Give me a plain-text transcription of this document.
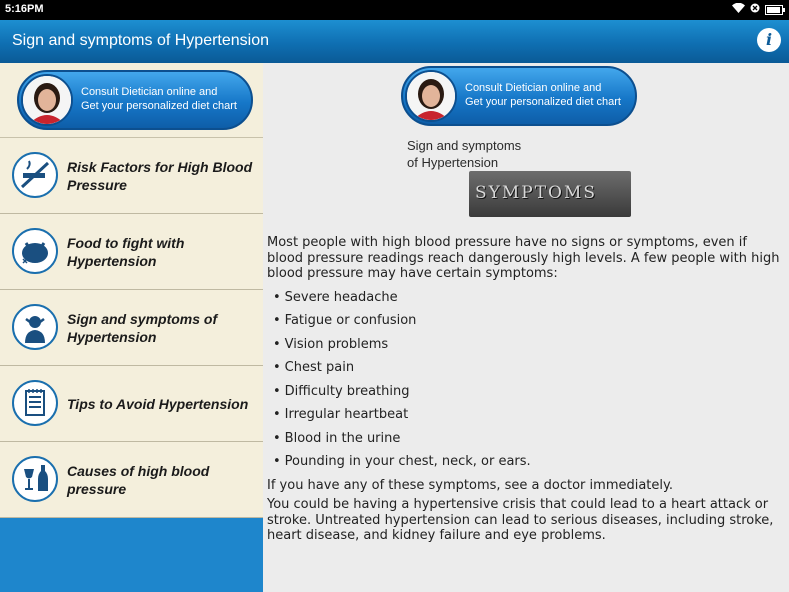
5:16PM
Sign and symptoms of Hypertension	i
Consult Dietician online and
Get your personalized diet chart
Risk Factors for High Blood Pressure
Food to fight with Hypertension
Sign and symptoms of Hypertension
Tips to Avoid Hypertension
Causes of high blood pressure
Consult Dietician online and
Get your personalized diet chart
Sign and symptoms
of Hypertension
SYMPTOMS

Most people with high blood pressure have no signs or symptoms, even if blood pressure readings reach dangerously high levels. A few people with high blood pressure may have certain symptoms:

• Severe headache
• Fatigue or confusion
• Vision problems
• Chest pain
• Difficulty breathing
• Irregular heartbeat
• Blood in the urine
• Pounding in your chest, neck, or ears.

If you have any of these symptoms, see a doctor immediately.

You could be having a hypertensive crisis that could lead to a heart attack or stroke. Untreated hypertension can lead to serious diseases, including stroke, heart disease, and kidney failure and eye problems.
